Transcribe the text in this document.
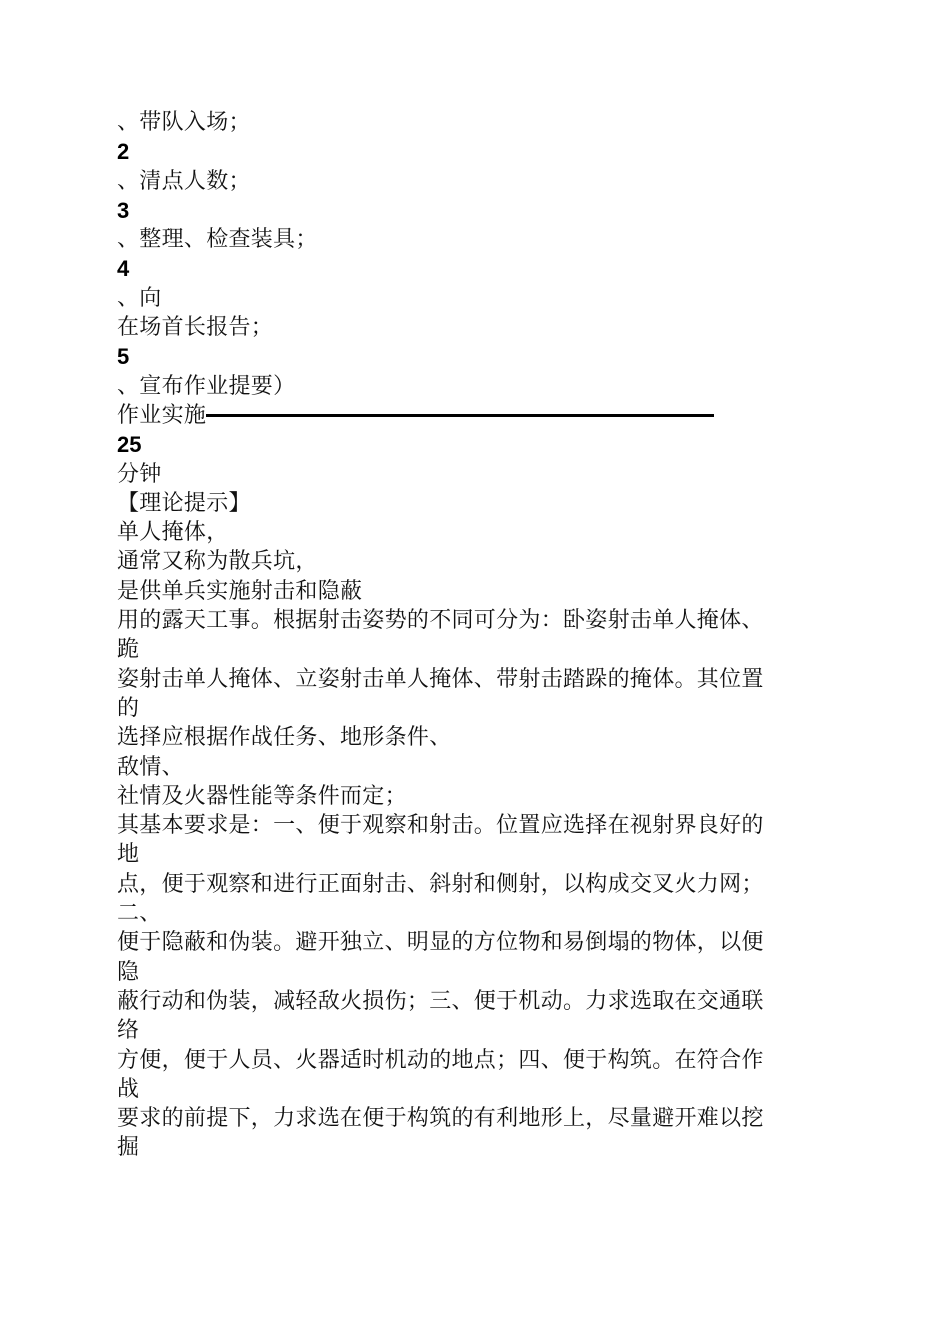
、带队入场；
2
、清点人数；
3
、整理、检查装具；
4
、向
在场首长报告；
5
、宣布作业提要）
作业实施
25
分钟
【理论提示】
单人掩体，
通常又称为散兵坑，
是供单兵实施射击和隐蔽
用的露天工事。根据射击姿势的不同可分为：卧姿射击单人掩体、
跪
姿射击单人掩体、立姿射击单人掩体、带射击踏跺的掩体。其位置
的
选择应根据作战任务、地形条件、
敌情、
社情及火器性能等条件而定；
其基本要求是：一、便于观察和射击。位置应选择在视射界良好的
地
点，便于观察和进行正面射击、斜射和侧射，以构成交叉火力网；
二、
便于隐蔽和伪装。避开独立、明显的方位物和易倒塌的物体，以便
隐
蔽行动和伪装，减轻敌火损伤；三、便于机动。力求选取在交通联
络
方便，便于人员、火器适时机动的地点；四、便于构筑。在符合作
战
要求的前提下，力求选在便于构筑的有利地形上，尽量避开难以挖
掘
